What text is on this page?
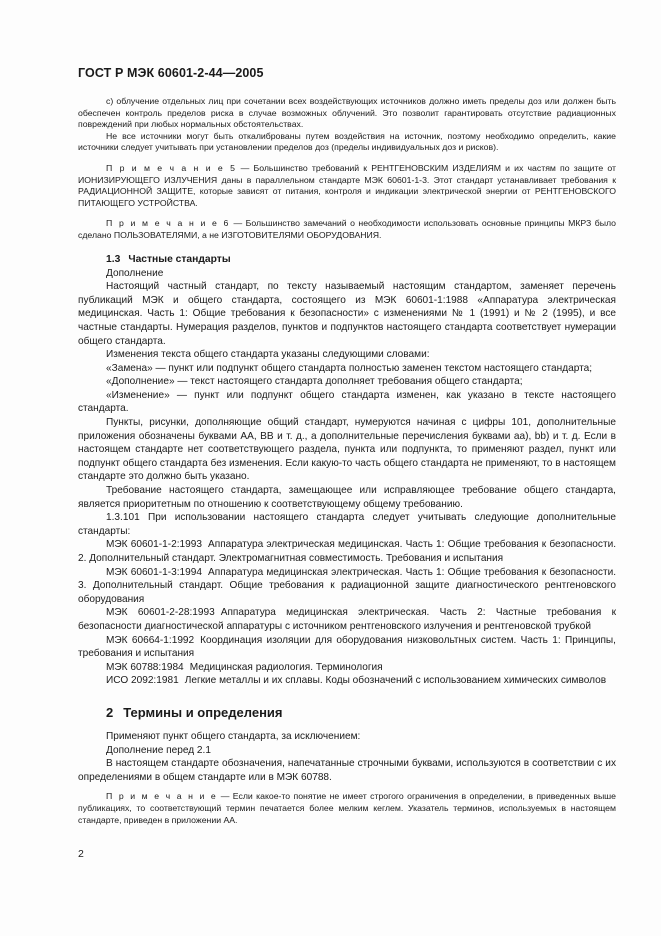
ГОСТ Р МЭК 60601-2-44—2005

с) облучение отдельных лиц при сочетании всех воздействующих источников должно иметь пределы доз или должен быть обеспечен контроль пределов риска в случае возможных облучений. Это позволит гарантировать отсутствие радиационных повреждений при любых нормальных обстоятельствах.

Не все источники могут быть откалиброваны путем воздействия на источник, поэтому необходимо определить, какие источники следует учитывать при установлении пределов доз (пределы индивидуальных доз и рисков).

П р и м е ч а н и е 5 — Большинство требований к РЕНТГЕНОВСКИМ ИЗДЕЛИЯМ и их частям по защите от ИОНИЗИРУЮЩЕГО ИЗЛУЧЕНИЯ даны в параллельном стандарте МЭК 60601-1-3. Этот стандарт устанавливает требования к РАДИАЦИОННОЙ ЗАЩИТЕ, которые зависят от питания, контроля и индикации электрической энергии от РЕНТГЕНОВСКОГО ПИТАЮЩЕГО УСТРОЙСТВА.

П р и м е ч а н и е 6 — Большинство замечаний о необходимости использовать основные принципы МКРЗ было сделано ПОЛЬЗОВАТЕЛЯМИ, а не ИЗГОТОВИТЕЛЯМИ ОБОРУДОВАНИЯ.

1.3 Частные стандарты

Дополнение

Настоящий частный стандарт, по тексту называемый настоящим стандартом, заменяет перечень публикаций МЭК и общего стандарта, состоящего из МЭК 60601-1:1988 «Аппаратура электрическая медицинская. Часть 1: Общие требования к безопасности» с изменениями № 1 (1991) и № 2 (1995), и все частные стандарты. Нумерация разделов, пунктов и подпунктов настоящего стандарта соответствует нумерации общего стандарта.

Изменения текста общего стандарта указаны следующими словами:

«Замена» — пункт или подпункт общего стандарта полностью заменен текстом настоящего стандарта;

«Дополнение» — текст настоящего стандарта дополняет требования общего стандарта;

«Изменение» — пункт или подпункт общего стандарта изменен, как указано в тексте настоящего стандарта.

Пункты, рисунки, дополняющие общий стандарт, нумеруются начиная с цифры 101, дополнительные приложения обозначены буквами АА, ВВ и т. д., а дополнительные перечисления буквами аа), bb) и т. д. Если в настоящем стандарте нет соответствующего раздела, пункта или подпункта, то применяют раздел, пункт или подпункт общего стандарта без изменения. Если какую-то часть общего стандарта не применяют, то в настоящем стандарте это должно быть указано.

Требование настоящего стандарта, замещающее или исправляющее требование общего стандарта, является приоритетным по отношению к соответствующему общему требованию.

1.3.101 При использовании настоящего стандарта следует учитывать следующие дополнительные стандарты:

МЭК 60601-1-2:1993 Аппаратура электрическая медицинская. Часть 1: Общие требования к безопасности. 2. Дополнительный стандарт. Электромагнитная совместимость. Требования и испытания

МЭК 60601-1-3:1994 Аппаратура медицинская электрическая. Часть 1: Общие требования к безопасности. 3. Дополнительный стандарт. Общие требования к радиационной защите диагностического рентгеновского оборудования

МЭК 60601-2-28:1993 Аппаратура медицинская электрическая. Часть 2: Частные требования к безопасности диагностической аппаратуры с источником рентгеновского излучения и рентгеновской трубкой

МЭК 60664-1:1992 Координация изоляции для оборудования низковольтных систем. Часть 1: Принципы, требования и испытания

МЭК 60788:1984 Медицинская радиология. Терминология

ИСО 2092:1981 Легкие металлы и их сплавы. Коды обозначений с использованием химических символов

2 Термины и определения

Применяют пункт общего стандарта, за исключением:

Дополнение перед 2.1

В настоящем стандарте обозначения, напечатанные строчными буквами, используются в соответствии с их определениями в общем стандарте или в МЭК 60788.

П р и м е ч а н и е — Если какое-то понятие не имеет строгого ограничения в определении, в приведенных выше публикациях, то соответствующий термин печатается более мелким кеглем. Указатель терминов, используемых в настоящем стандарте, приведен в приложении АА.

2
